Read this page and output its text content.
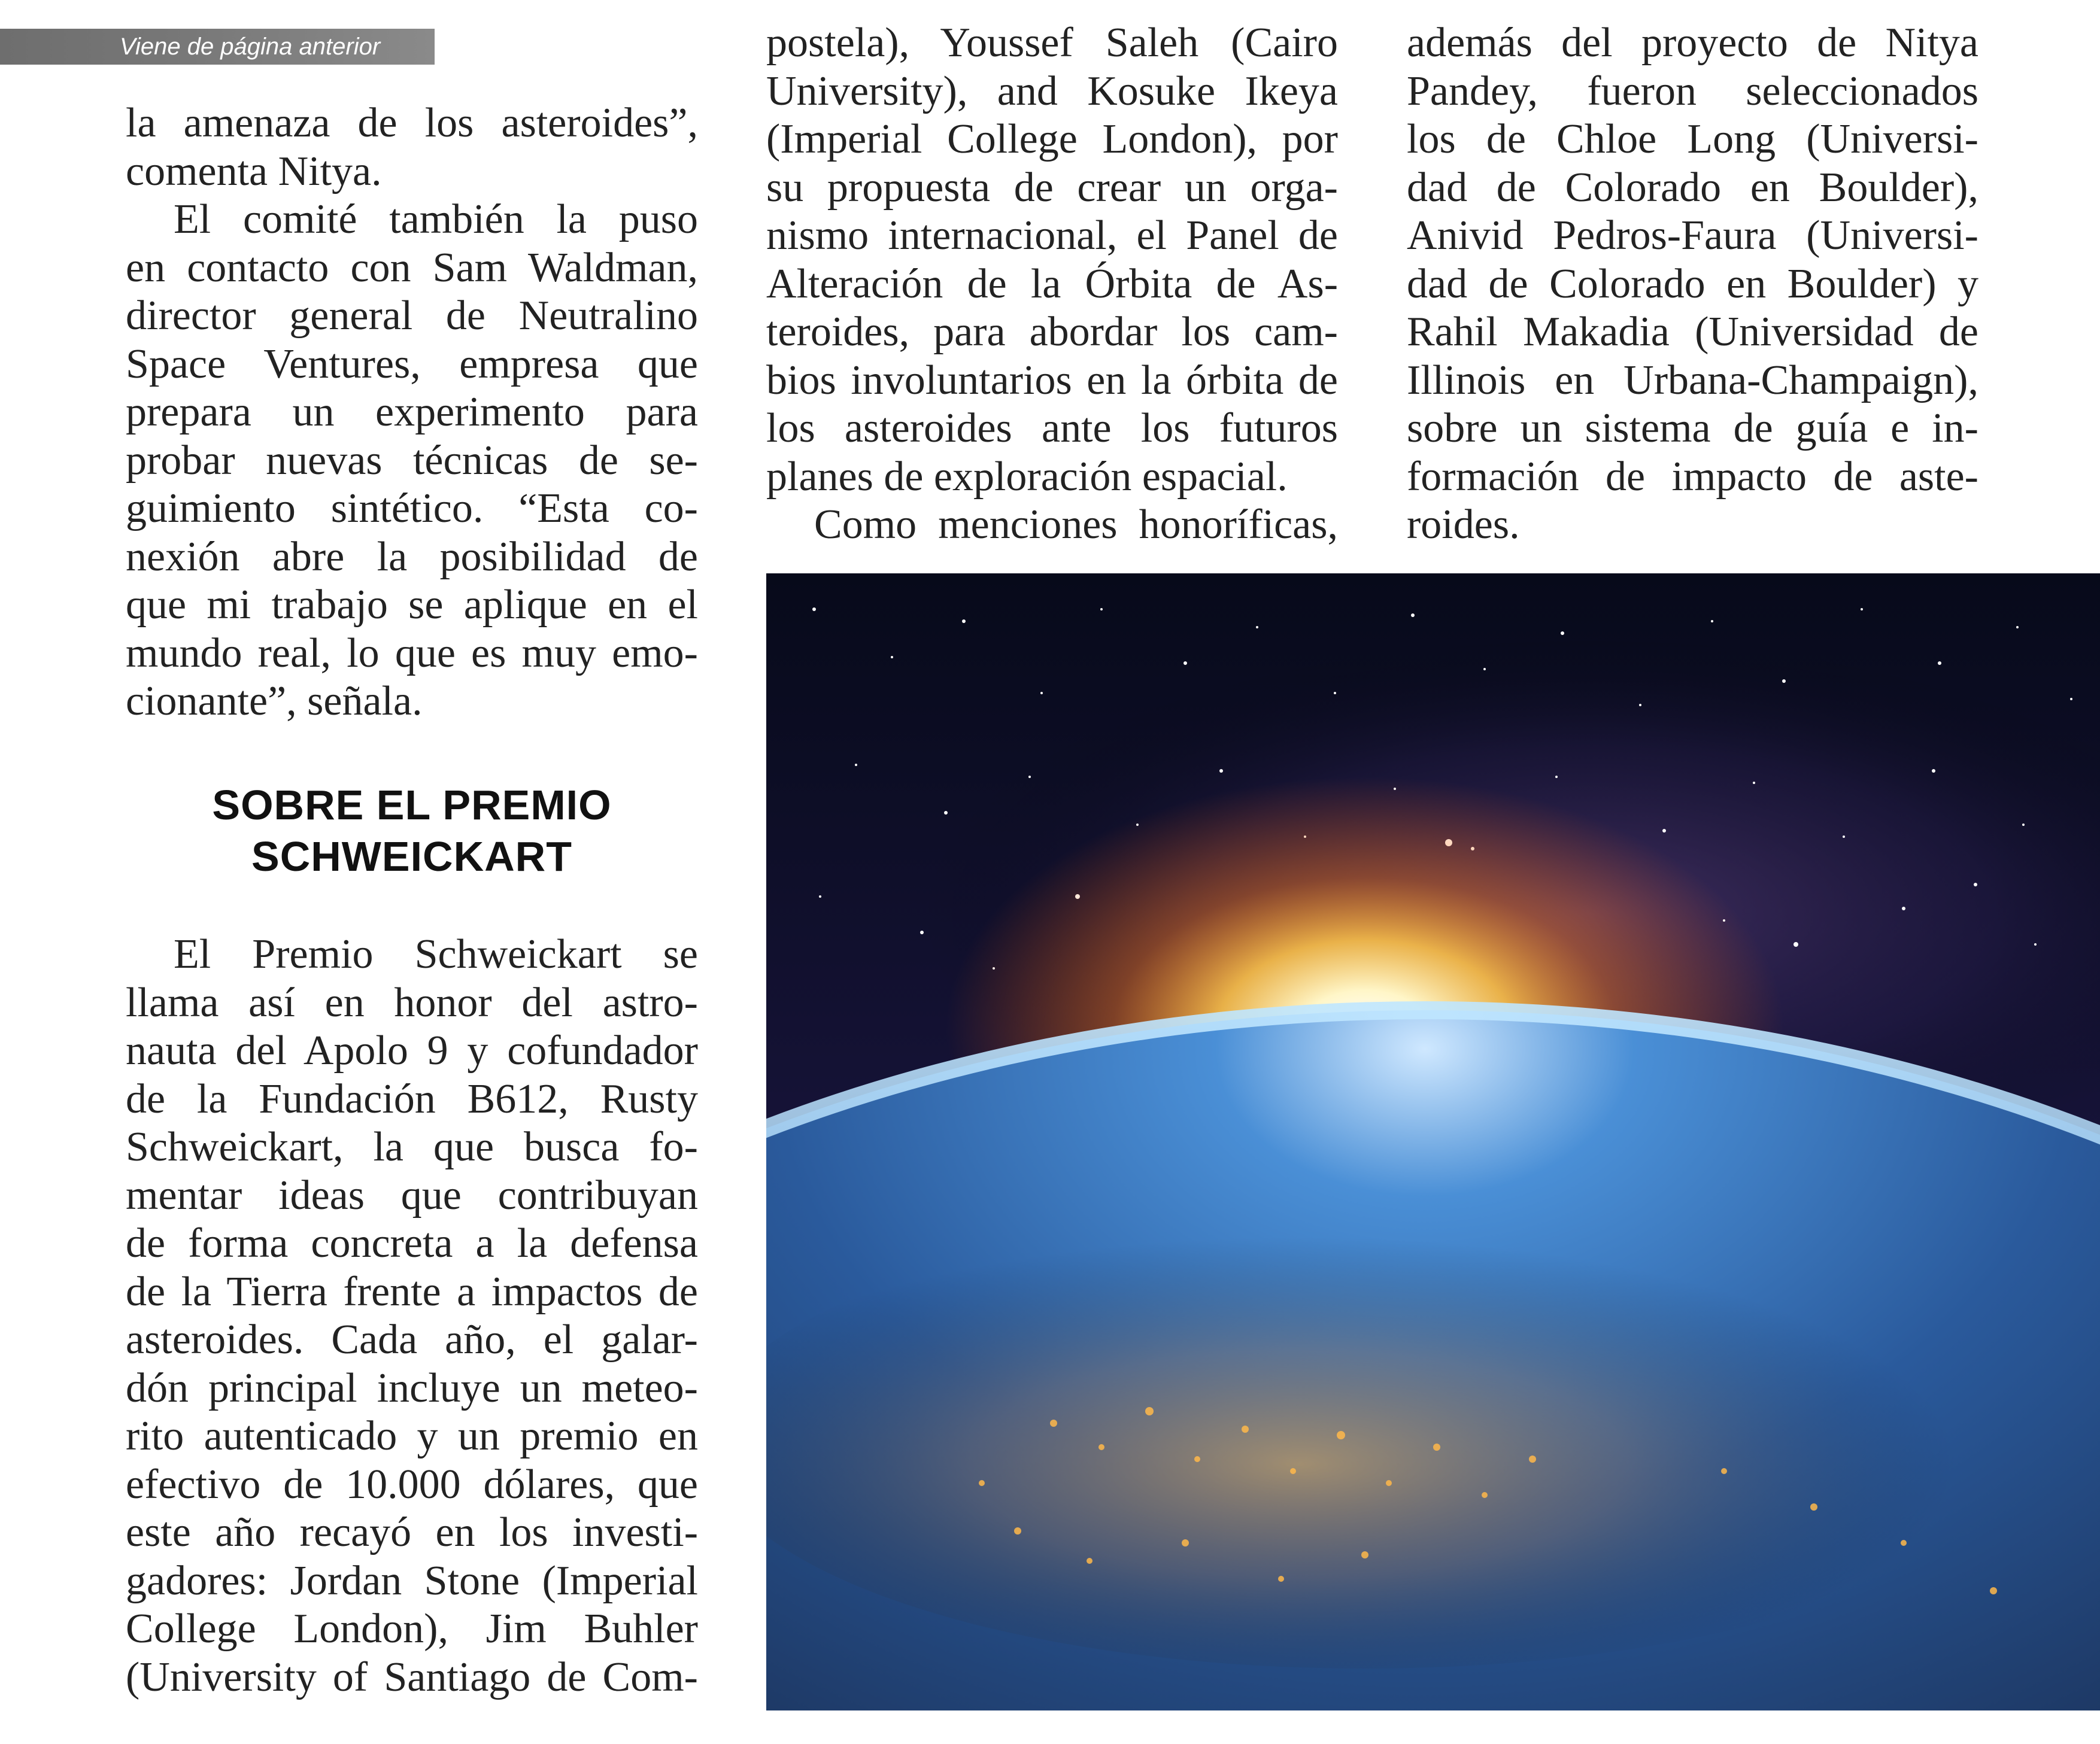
Viene de página anterior

la amenaza de los asteroides”,
comenta Nitya.

El comité también la puso
en contacto con Sam Waldman,
director general de Neutralino
Space Ventures, empresa que
prepara un experimento para
probar nuevas técnicas de se-
guimiento sintético. “Esta co-
nexión abre la posibilidad de
que mi trabajo se aplique en el
mundo real, lo que es muy emo-
cionante”, señala.

SOBRE EL PREMIO
SCHWEICKART

El Premio Schweickart se
llama así en honor del astro-
nauta del Apolo 9 y cofundador
de la Fundación B612, Rusty
Schweickart, la que busca fo-
mentar ideas que contribuyan
de forma concreta a la defensa
de la Tierra frente a impactos de
asteroides. Cada año, el galar-
dón principal incluye un meteo-
rito autenticado y un premio en
efectivo de 10.000 dólares, que
este año recayó en los investi-
gadores: Jordan Stone (Imperial
College London), Jim Buhler
(University of Santiago de Com-

postela), Youssef Saleh (Cairo
University), and Kosuke Ikeya
(Imperial College London), por
su propuesta de crear un orga-
nismo internacional, el Panel de
Alteración de la Órbita de As-
teroides, para abordar los cam-
bios involuntarios en la órbita de
los asteroides ante los futuros
planes de exploración espacial.

Como menciones honoríficas,

además del proyecto de Nitya
Pandey, fueron seleccionados
los de Chloe Long (Universi-
dad de Colorado en Boulder),
Anivid Pedros-Faura (Universi-
dad de Colorado en Boulder) y
Rahil Makadia (Universidad de
Illinois en Urbana-Champaign),
sobre un sistema de guía e in-
formación de impacto de aste-
roides.
